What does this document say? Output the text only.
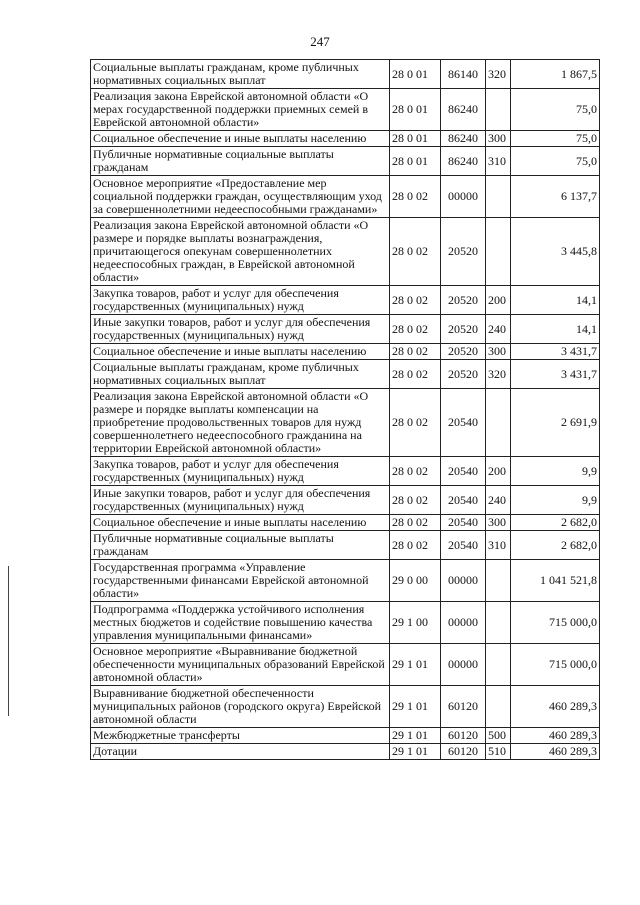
247
Социальные выплаты гражданам, кроме публичных нормативных социальных выплат	28 0 01	86140	320	1 867,5
Реализация закона Еврейской автономной области «О мерах государственной поддержки приемных семей в Еврейской автономной области»	28 0 01	86240		75,0
Социальное обеспечение и иные выплаты населению	28 0 01	86240	300	75,0
Публичные нормативные социальные выплаты гражданам	28 0 01	86240	310	75,0
Основное мероприятие «Предоставление мер социальной поддержки граждан, осуществляющим уход за совершеннолетними недееспособными гражданами»	28 0 02	00000		6 137,7
Реализация закона Еврейской автономной области «О размере и порядке выплаты вознаграждения, причитающегося опекунам совершеннолетних недееспособных граждан, в Еврейской автономной области»	28 0 02	20520		3 445,8
Закупка товаров, работ и услуг для обеспечения государственных (муниципальных) нужд	28 0 02	20520	200	14,1
Иные закупки товаров, работ и услуг для обеспечения государственных (муниципальных) нужд	28 0 02	20520	240	14,1
Социальное обеспечение и иные выплаты населению	28 0 02	20520	300	3 431,7
Социальные выплаты гражданам, кроме публичных нормативных социальных выплат	28 0 02	20520	320	3 431,7
Реализация закона Еврейской автономной области «О размере и порядке выплаты компенсации на приобретение продовольственных товаров для нужд совершеннолетнего недееспособного гражданина на территории Еврейской автономной области»	28 0 02	20540		2 691,9
Закупка товаров, работ и услуг для обеспечения государственных (муниципальных) нужд	28 0 02	20540	200	9,9
Иные закупки товаров, работ и услуг для обеспечения государственных (муниципальных) нужд	28 0 02	20540	240	9,9
Социальное обеспечение и иные выплаты населению	28 0 02	20540	300	2 682,0
Публичные нормативные социальные выплаты гражданам	28 0 02	20540	310	2 682,0
Государственная программа «Управление государственными финансами Еврейской автономной области»	29 0 00	00000		1 041 521,8
Подпрограмма «Поддержка устойчивого исполнения местных бюджетов и содействие повышению качества управления муниципальными финансами»	29 1 00	00000		715 000,0
Основное мероприятие «Выравнивание бюджетной обеспеченности муниципальных образований Еврейской автономной области»	29 1 01	00000		715 000,0
Выравнивание бюджетной обеспеченности муниципальных районов (городского округа) Еврейской автономной области	29 1 01	60120		460 289,3
Межбюджетные трансферты	29 1 01	60120	500	460 289,3
Дотации	29 1 01	60120	510	460 289,3
